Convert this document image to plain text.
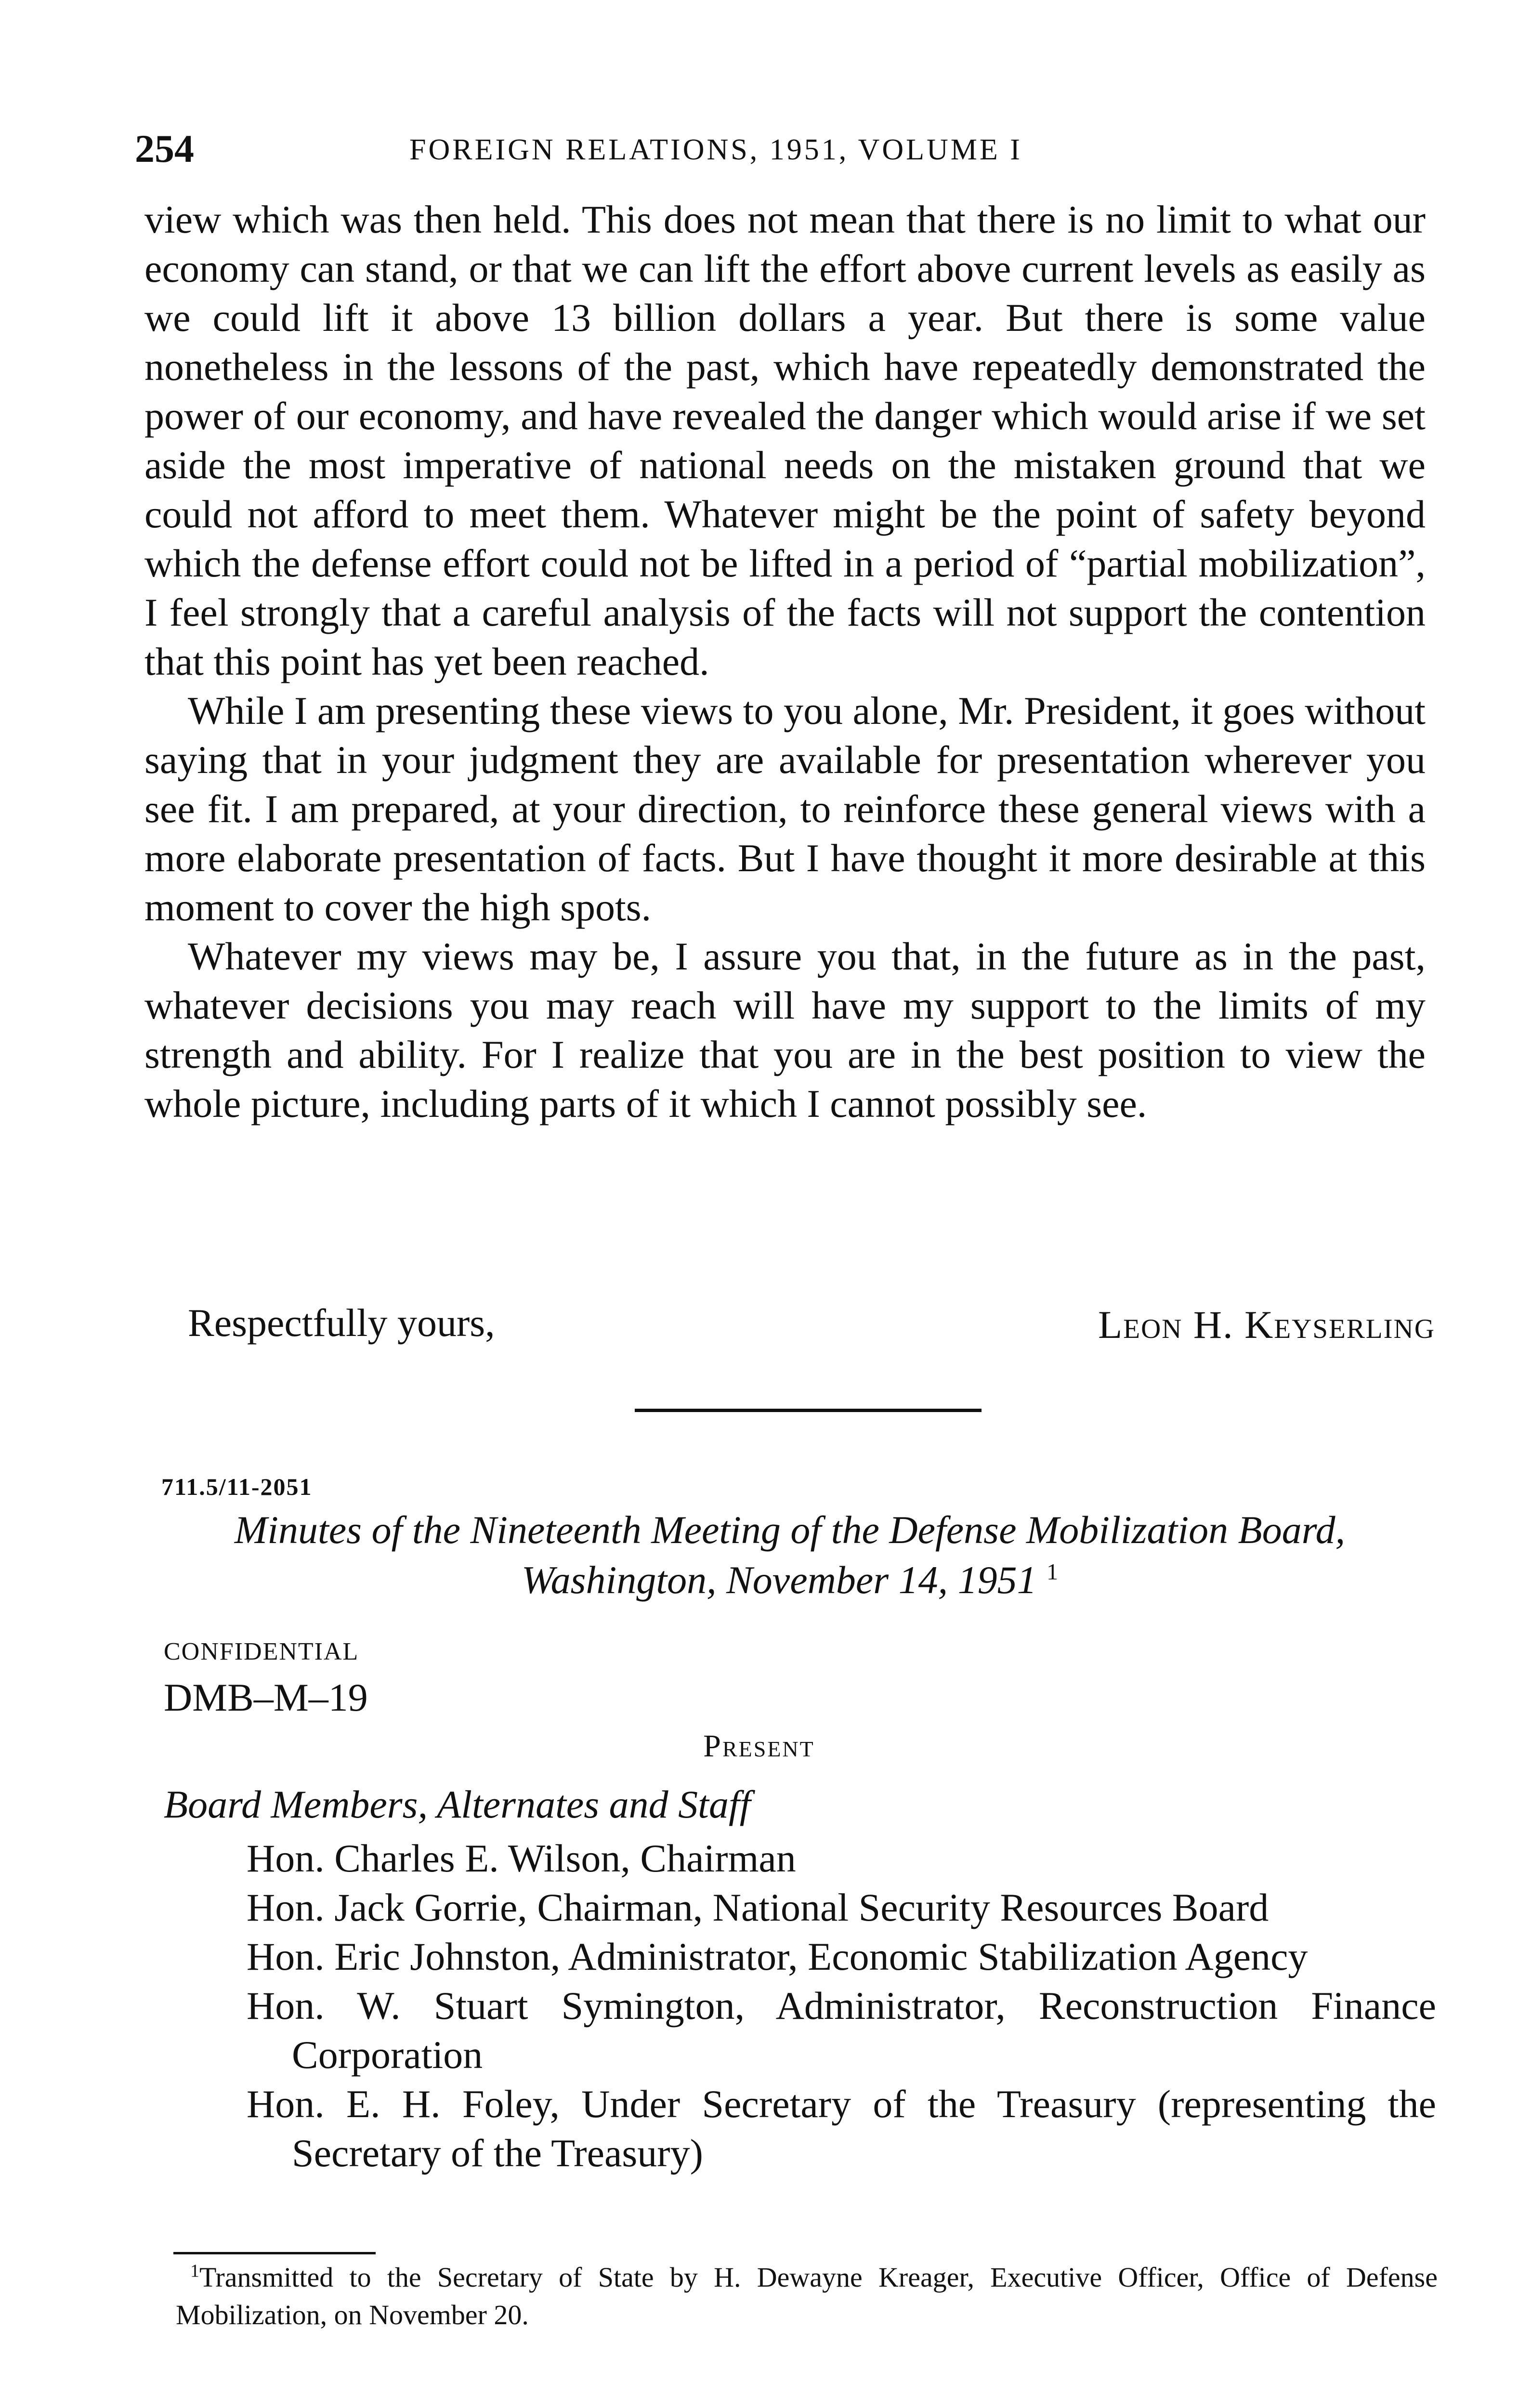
254	FOREIGN RELATIONS, 1951, VOLUME I

view which was then held. This does not mean that there is no limit to what our economy can stand, or that we can lift the effort above current levels as easily as we could lift it above 13 billion dollars a year. But there is some value nonetheless in the lessons of the past, which have repeatedly demonstrated the power of our economy, and have revealed the danger which would arise if we set aside the most imperative of national needs on the mistaken ground that we could not afford to meet them. Whatever might be the point of safety beyond which the defense effort could not be lifted in a period of “partial mobilization”, I feel strongly that a careful analysis of the facts will not support the contention that this point has yet been reached.

While I am presenting these views to you alone, Mr. President, it goes without saying that in your judgment they are available for presentation wherever you see fit. I am prepared, at your direction, to reinforce these general views with a more elaborate presentation of facts. But I have thought it more desirable at this moment to cover the high spots.

Whatever my views may be, I assure you that, in the future as in the past, whatever decisions you may reach will have my support to the limits of my strength and ability. For I realize that you are in the best position to view the whole picture, including parts of it which I cannot possibly see.

Respectfully yours,	Leon H. Keyserling
711.5/11-2051
Minutes of the Nineteenth Meeting of the Defense Mobilization Board,
Washington, November 14, 1951 $^1$
CONFIDENTIAL
DMB–M–19
Present
Board Members, Alternates and Staff
Hon. Charles E. Wilson, Chairman
Hon. Jack Gorrie, Chairman, National Security Resources Board
Hon. Eric Johnston, Administrator, Economic Stabilization Agency
Hon. W. Stuart Symington, Administrator, Reconstruction Finance Corporation
Hon. E. H. Foley, Under Secretary of the Treasury (representing the Secretary of the Treasury)
$^1$Transmitted to the Secretary of State by H. Dewayne Kreager, Executive Officer, Office of Defense Mobilization, on November 20.
